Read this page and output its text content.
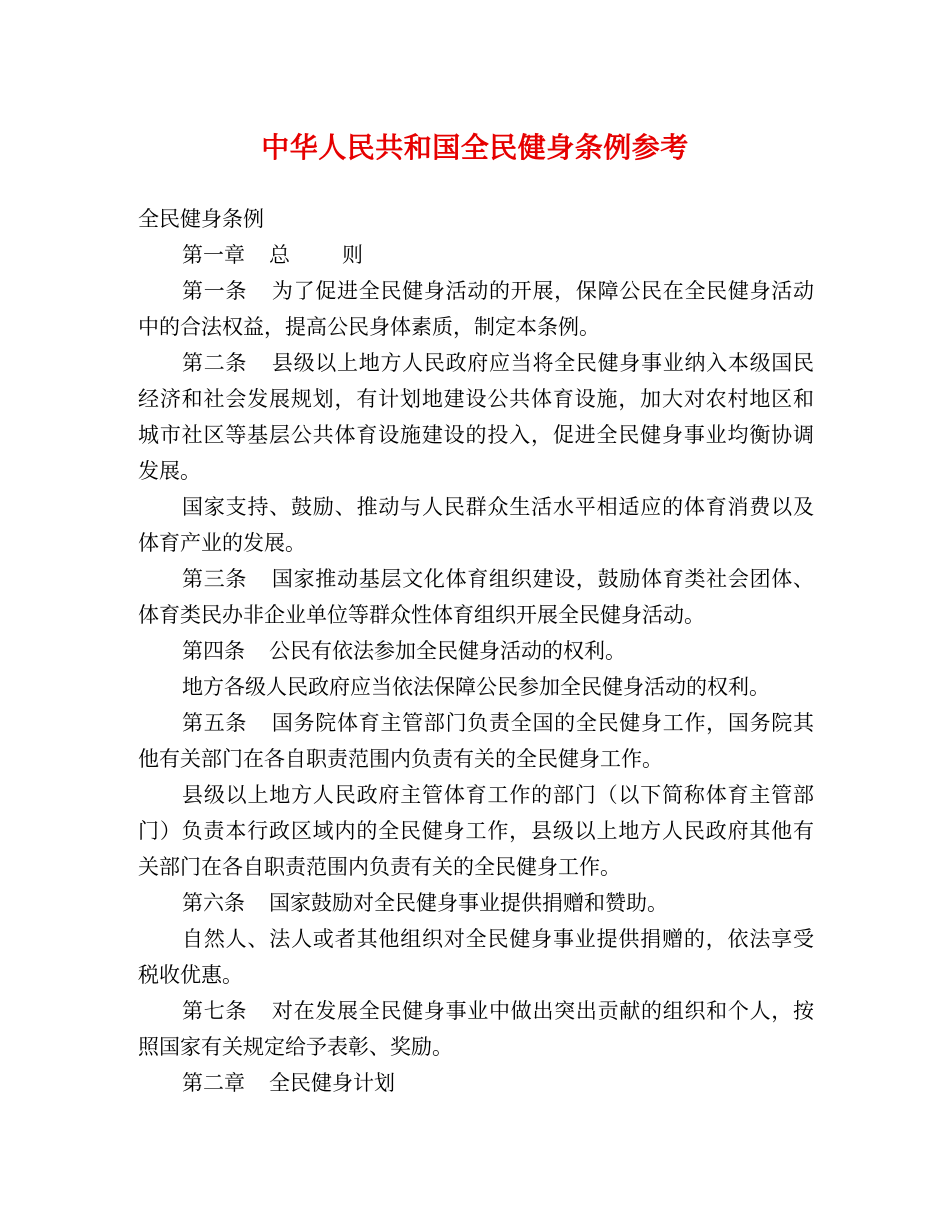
中华人民共和国全民健身条例参考
全民健身条例
第一章 总 则
第一条 为了促进全民健身活动的开展，保障公民在全民健身活动
中的合法权益，提高公民身体素质，制定本条例。
第二条 县级以上地方人民政府应当将全民健身事业纳入本级国民
经济和社会发展规划，有计划地建设公共体育设施，加大对农村地区和
城市社区等基层公共体育设施建设的投入，促进全民健身事业均衡协调
发展。
国家支持、鼓励、推动与人民群众生活水平相适应的体育消费以及
体育产业的发展。
第三条 国家推动基层文化体育组织建设，鼓励体育类社会团体、
体育类民办非企业单位等群众性体育组织开展全民健身活动。
第四条 公民有依法参加全民健身活动的权利。
地方各级人民政府应当依法保障公民参加全民健身活动的权利。
第五条 国务院体育主管部门负责全国的全民健身工作，国务院其
他有关部门在各自职责范围内负责有关的全民健身工作。
县级以上地方人民政府主管体育工作的部门（以下简称体育主管部
门）负责本行政区域内的全民健身工作，县级以上地方人民政府其他有
关部门在各自职责范围内负责有关的全民健身工作。
第六条 国家鼓励对全民健身事业提供捐赠和赞助。
自然人、法人或者其他组织对全民健身事业提供捐赠的，依法享受
税收优惠。
第七条 对在发展全民健身事业中做出突出贡献的组织和个人，按
照国家有关规定给予表彰、奖励。
第二章 全民健身计划
